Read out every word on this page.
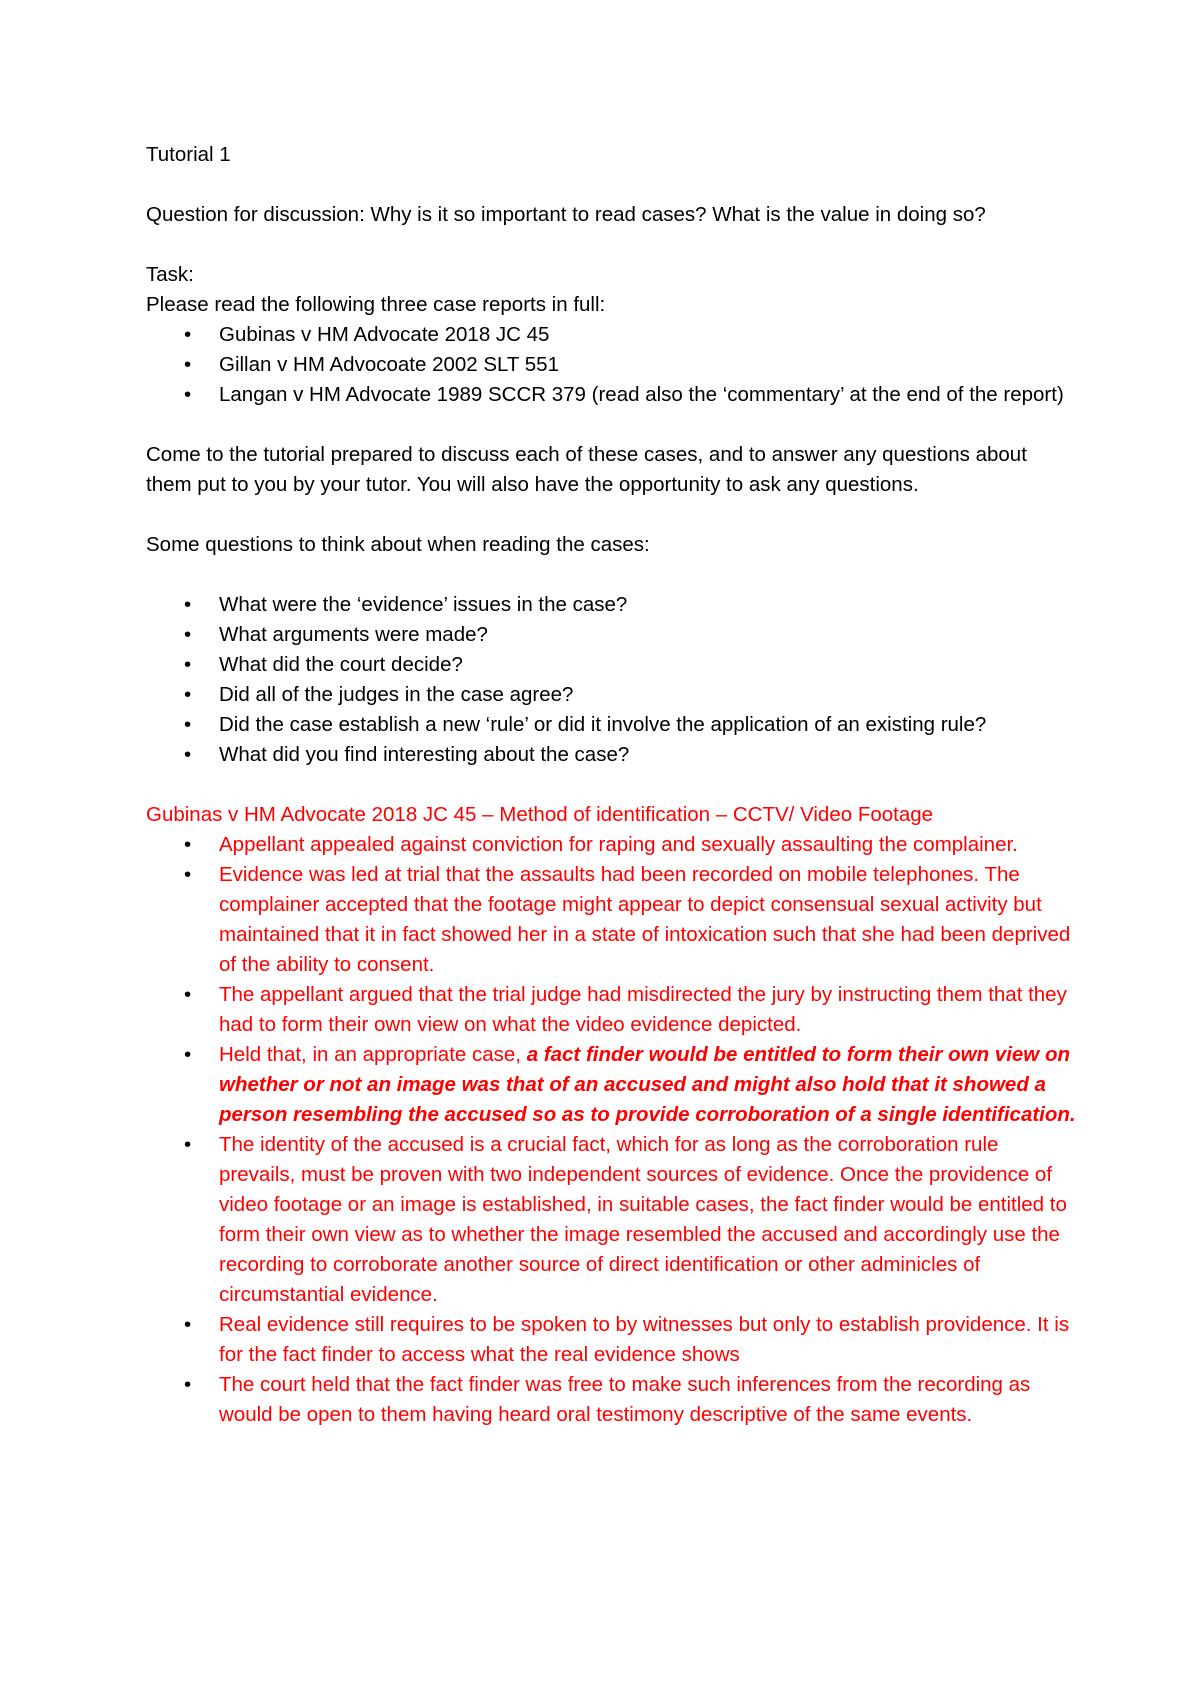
Tutorial 1

Question for discussion: Why is it so important to read cases? What is the value in doing so?

Task:

Please read the following three case reports in full:

• Gubinas v HM Advocate 2018 JC 45
• Gillan v HM Advocoate 2002 SLT 551
• Langan v HM Advocate 1989 SCCR 379 (read also the ‘commentary’ at the end of the report)

Come to the tutorial prepared to discuss each of these cases, and to answer any questions about them put to you by your tutor. You will also have the opportunity to ask any questions.

Some questions to think about when reading the cases:

• What were the ‘evidence’ issues in the case?
• What arguments were made?
• What did the court decide?
• Did all of the judges in the case agree?
• Did the case establish a new ‘rule’ or did it involve the application of an existing rule?
• What did you find interesting about the case?

Gubinas v HM Advocate 2018 JC 45 – Method of identification – CCTV/ Video Footage

• Appellant appealed against conviction for raping and sexually assaulting the complainer.
• Evidence was led at trial that the assaults had been recorded on mobile telephones. The complainer accepted that the footage might appear to depict consensual sexual activity but maintained that it in fact showed her in a state of intoxication such that she had been deprived of the ability to consent.
• The appellant argued that the trial judge had misdirected the jury by instructing them that they had to form their own view on what the video evidence depicted.
• Held that, in an appropriate case, a fact finder would be entitled to form their own view on whether or not an image was that of an accused and might also hold that it showed a person resembling the accused so as to provide corroboration of a single identification.
• The identity of the accused is a crucial fact, which for as long as the corroboration rule prevails, must be proven with two independent sources of evidence. Once the providence of video footage or an image is established, in suitable cases, the fact finder would be entitled to form their own view as to whether the image resembled the accused and accordingly use the recording to corroborate another source of direct identification or other adminicles of circumstantial evidence.
• Real evidence still requires to be spoken to by witnesses but only to establish providence. It is for the fact finder to access what the real evidence shows
• The court held that the fact finder was free to make such inferences from the recording as would be open to them having heard oral testimony descriptive of the same events.
